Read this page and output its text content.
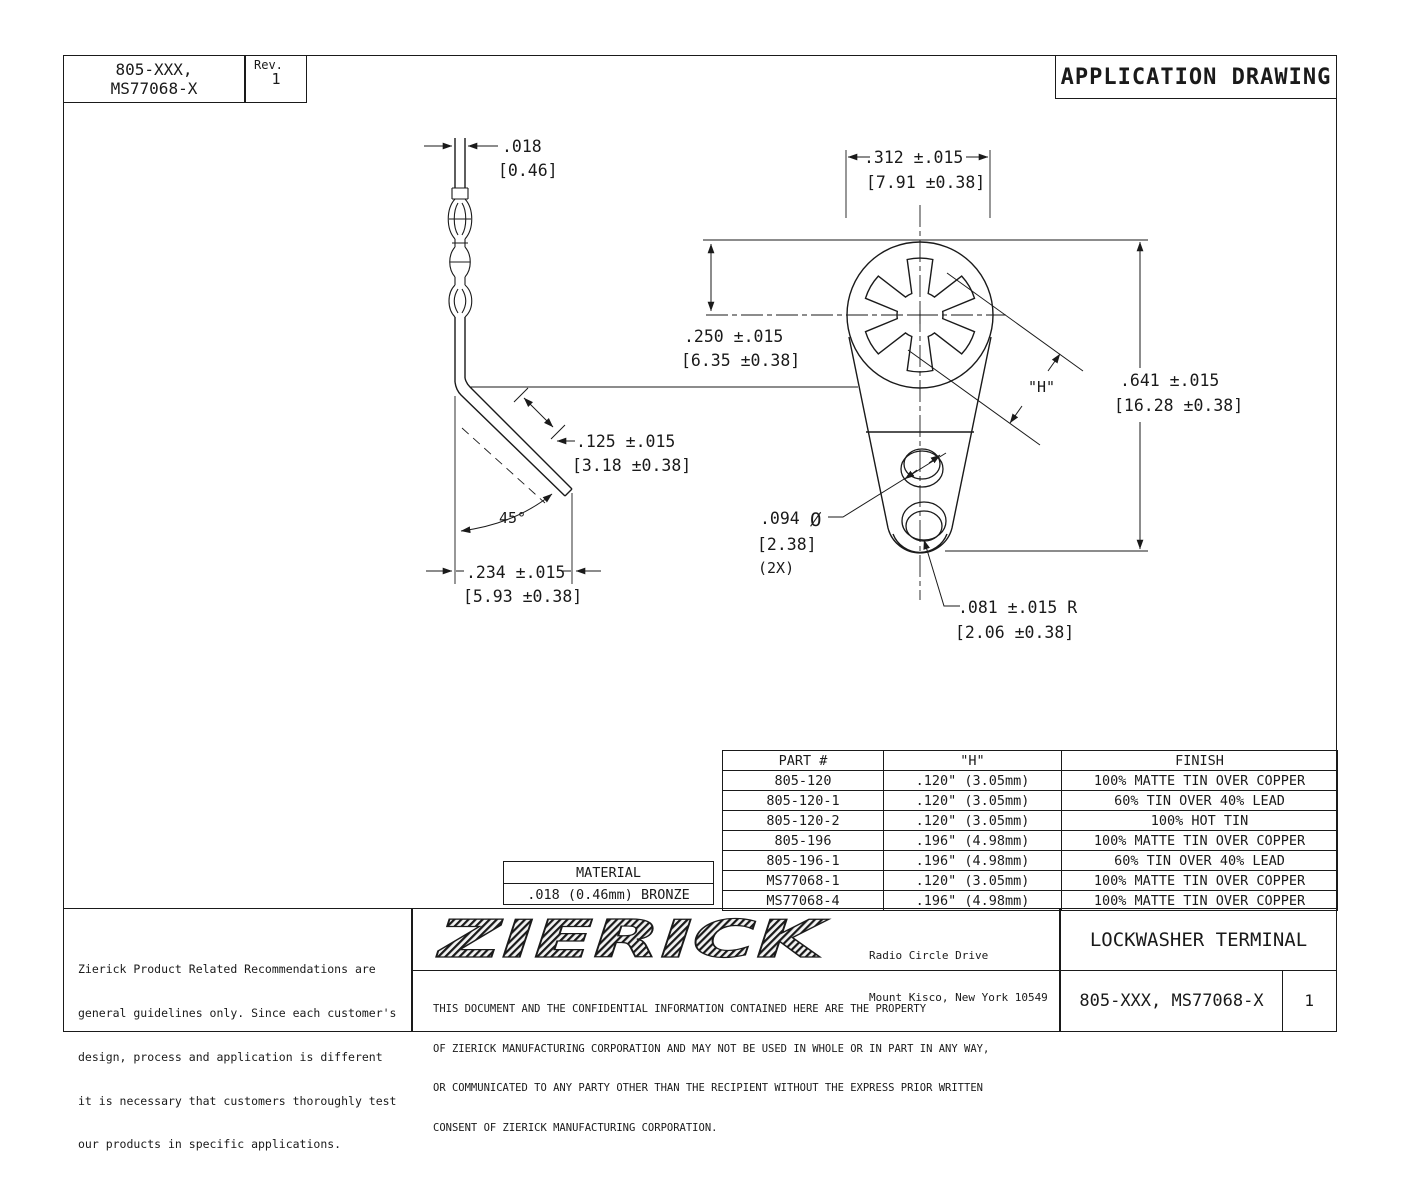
805-XXX,
MS77068-X
Rev.
1	APPLICATION DRAWING
.018
[0.46]
.125 ±.015
[3.18 ±0.38]
45°
.234 ±.015
[5.93 ±0.38]
.312 ±.015
[7.91 ±0.38]
.250 ±.015
[6.35 ±0.38]
.641 ±.015
[16.28 ±0.38]
"H"
.094 Ø
[2.38]
(2X)
.081 ±.015 R
[2.06 ±0.38]
PART #	"H"	FINISH
805-120	.120" (3.05mm)	100% MATTE TIN OVER COPPER
805-120-1	.120" (3.05mm)	60% TIN OVER 40% LEAD
805-120-2	.120" (3.05mm)	100% HOT TIN
805-196	.196" (4.98mm)	100% MATTE TIN OVER COPPER
805-196-1	.196" (4.98mm)	60% TIN OVER 40% LEAD
MS77068-1	.120" (3.05mm)	100% MATTE TIN OVER COPPER
MS77068-4	.196" (4.98mm)	100% MATTE TIN OVER COPPER
MATERIAL
.018 (0.46mm) BRONZE

Zierick Product Related Recommendations are

general guidelines only. Since each customer's

design, process and application is different

it is necessary that customers thoroughly test

our products in specific applications.

ZIERICK

	Radio Circle Drive

Mount Kisco, New York 10549

THIS DOCUMENT AND THE CONFIDENTIAL INFORMATION CONTAINED HERE ARE THE PROPERTY

OF ZIERICK MANUFACTURING CORPORATION AND MAY NOT BE USED IN WHOLE OR IN PART IN ANY WAY,

OR COMMUNICATED TO ANY PARTY OTHER THAN THE RECIPIENT WITHOUT THE EXPRESS PRIOR WRITTEN

CONSENT OF ZIERICK MANUFACTURING CORPORATION.

LOCKWASHER TERMINAL
805-XXX, MS77068-X	1
